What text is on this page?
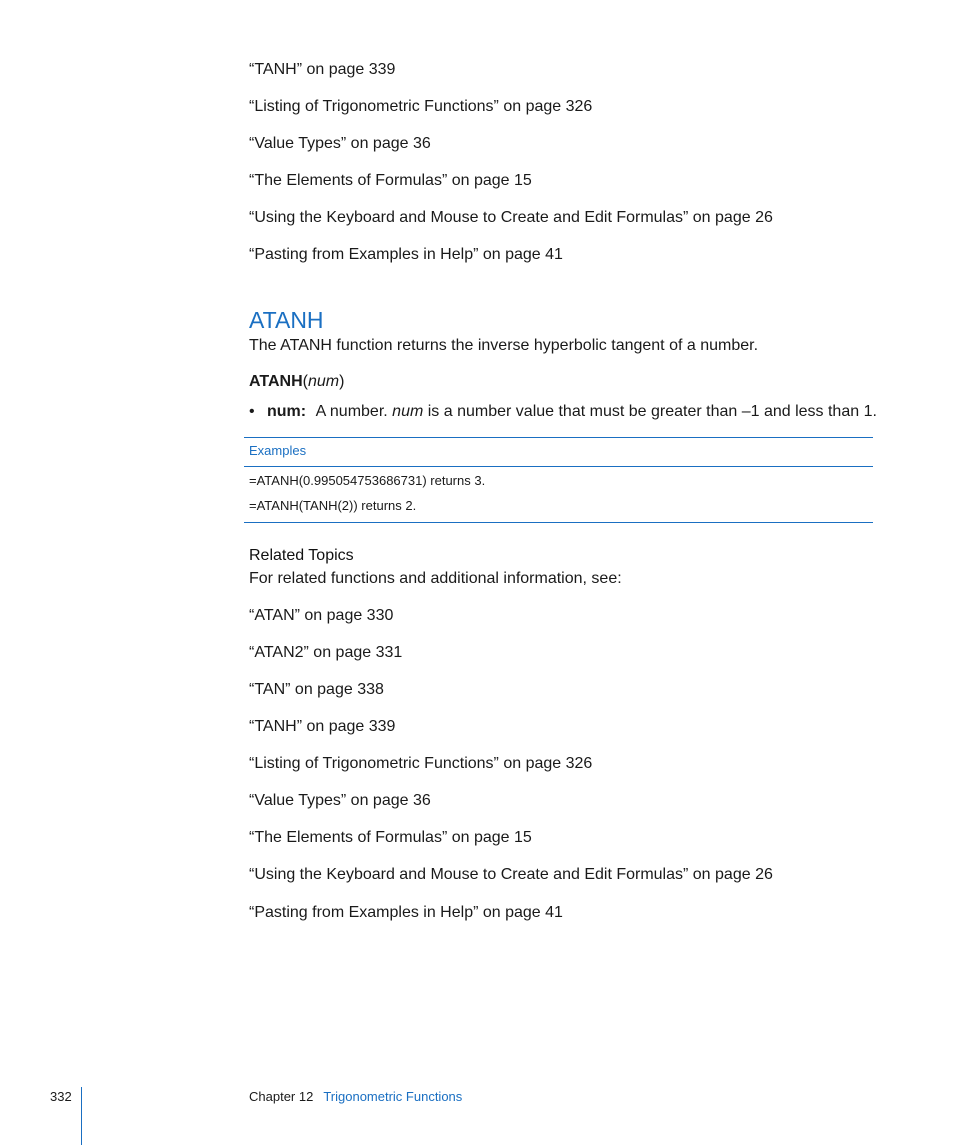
“TANH” on page 339
“Listing of Trigonometric Functions” on page 326
“Value Types” on page 36
“The Elements of Formulas” on page 15
“Using the Keyboard and Mouse to Create and Edit Formulas” on page 26
“Pasting from Examples in Help” on page 41
ATANH
The ATANH function returns the inverse hyperbolic tangent of a number.
ATANH(num)
• num: A number. num is a number value that must be greater than –1 and less than 1.
Examples
=ATANH(0.995054753686731) returns 3.
=ATANH(TANH(2)) returns 2.
Related Topics
For related functions and additional information, see:
“ATAN” on page 330
“ATAN2” on page 331
“TAN” on page 338
“TANH” on page 339
“Listing of Trigonometric Functions” on page 326
“Value Types” on page 36
“The Elements of Formulas” on page 15
“Using the Keyboard and Mouse to Create and Edit Formulas” on page 26
“Pasting from Examples in Help” on page 41
332	Chapter 12 Trigonometric Functions
